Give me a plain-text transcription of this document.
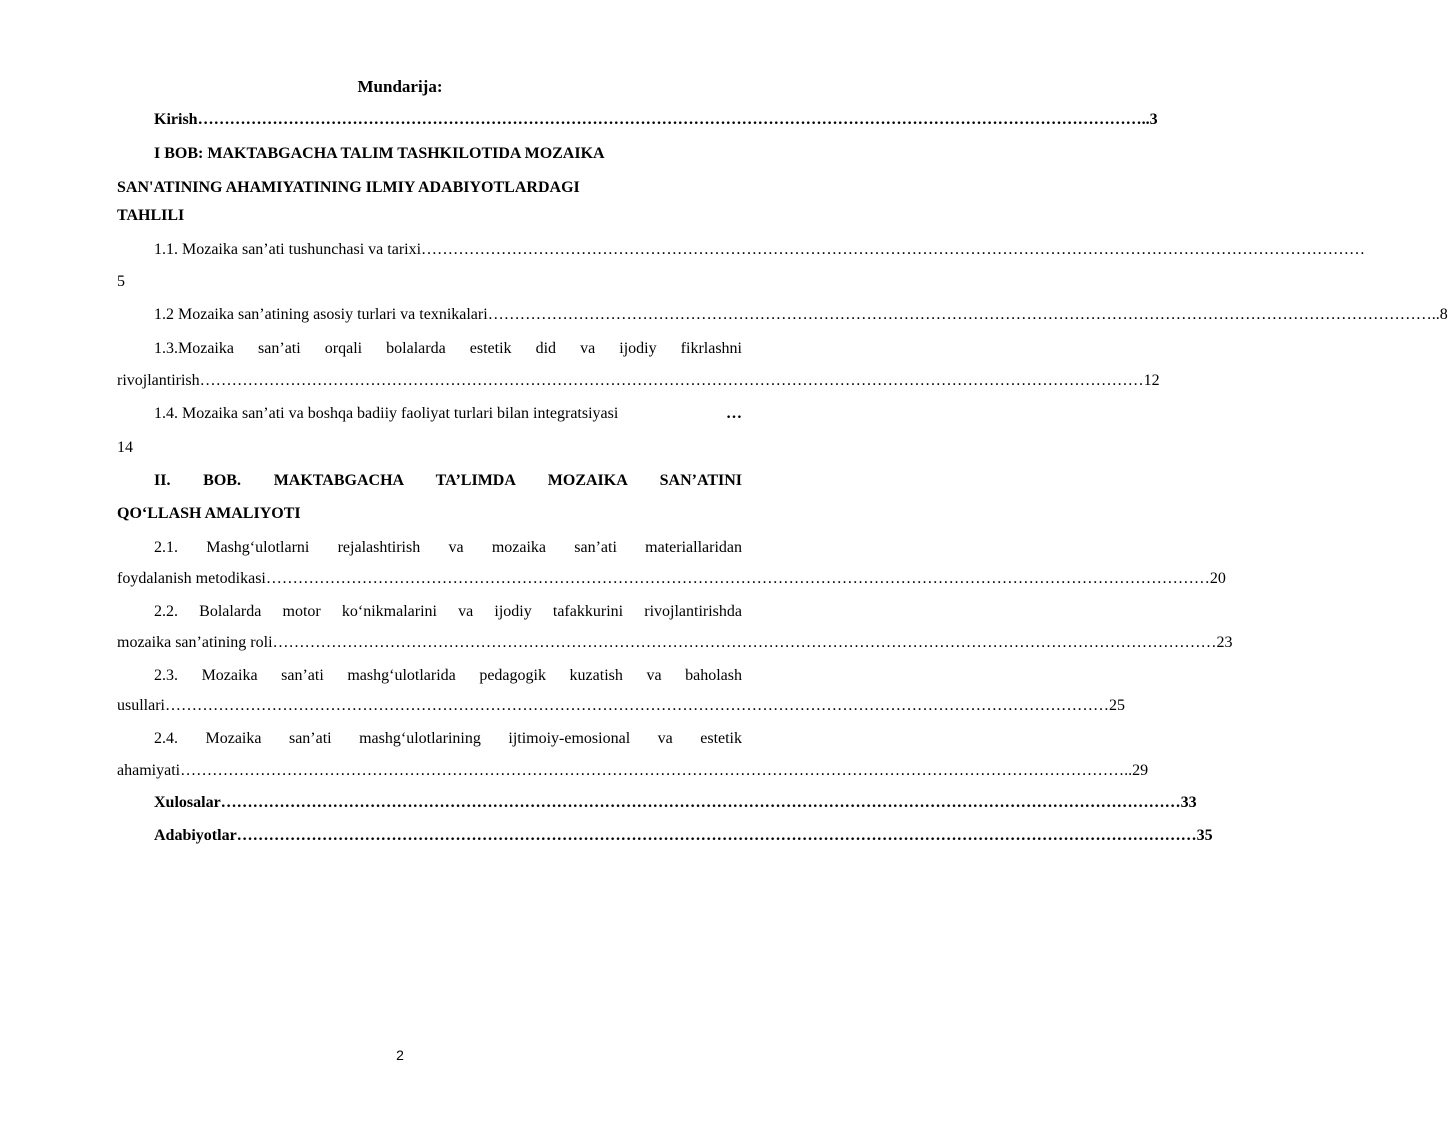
Mundarija:
Kirish …………………………………………………………………………………………………………………………………………………………… ..3
I BOB: MAKTABGACHA TALIM TASHKILOTIDA MOZAIKA
SAN'ATINING AHAMIYATINING ILMIY ADABIYOTLARDAGI
TAHLILI
1.1. Mozaika san’ati tushunchasi va tarixi ……………………………………………………………………………………………………………………………………………………………
5
1.2 Mozaika san’atining asosiy turlari va texnikalari …………………………………………………………………………………………………………………………………………………………… ..8
1.3.Mozaika san’ati orqali bolalarda estetik did va ijodiy fikrlashni
rivojlantirish …………………………………………………………………………………………………………………………………………………………… 12
1.4. Mozaika san’ati va boshqa badiiy faoliyat turlari bilan integratsiyasi	…
14
II. BOB. MAKTABGACHA TA’LIMDA MOZAIKA SAN’ATINI
QO‘LLASH AMALIYOTI
2.1. Mashg‘ulotlarni rejalashtirish va mozaika san’ati materiallaridan
foydalanish metodikasi …………………………………………………………………………………………………………………………………………………………… 20
2.2. Bolalarda motor ko‘nikmalarini va ijodiy tafakkurini rivojlantirishda
mozaika san’atining roli …………………………………………………………………………………………………………………………………………………………… 23
2.3. Mozaika san’ati mashg‘ulotlarida pedagogik kuzatish va baholash
usullari …………………………………………………………………………………………………………………………………………………………… 25
2.4. Mozaika san’ati mashg‘ulotlarining ijtimoiy-emosional va estetik
ahamiyati …………………………………………………………………………………………………………………………………………………………… ..29
Xulosalar …………………………………………………………………………………………………………………………………………………………… …33
Adabiyotlar …………………………………………………………………………………………………………………………………………………………… …35
2
